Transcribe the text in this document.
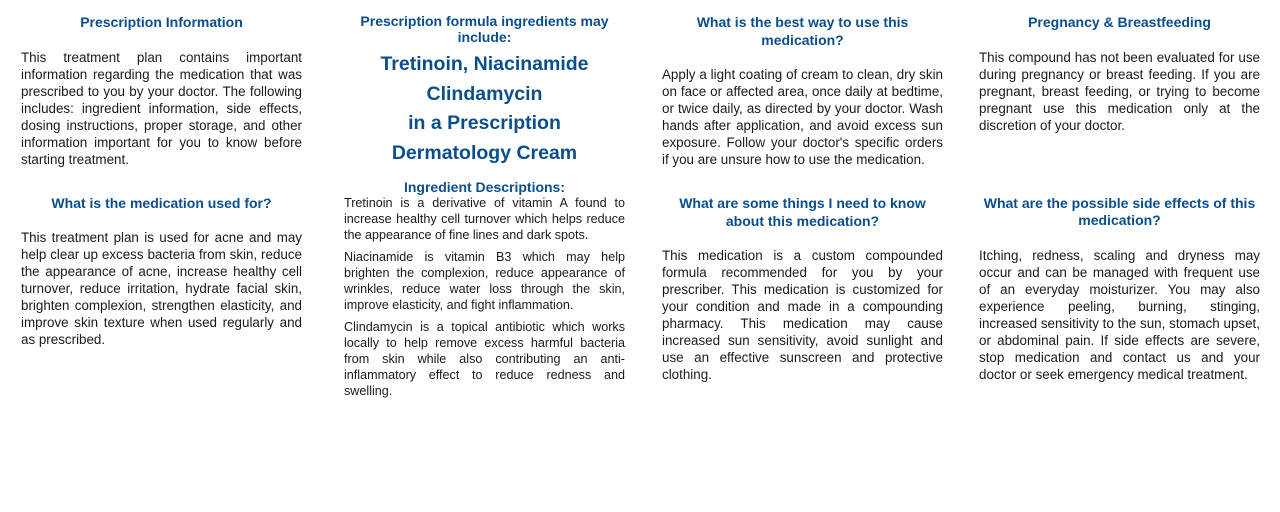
Prescription Information

This treatment plan contains important information regarding the medication that was prescribed to you by your doctor. The following includes: ingredient information, side effects, dosing instructions, proper storage, and other information important for you to know before starting treatment.

What is the medication used for?

This treatment plan is used for acne and may help clear up excess bacteria from skin, reduce the appearance of acne, increase healthy cell turnover, reduce irritation, hydrate facial skin, brighten complexion, strengthen elasticity, and improve skin texture when used regularly and as prescribed.

Prescription formula ingredients may include:
Tretinoin, Niacinamide
Clindamycin
in a Prescription
Dermatology Cream
Ingredient Descriptions:

Tretinoin is a derivative of vitamin A found to increase healthy cell turnover which helps reduce the appearance of fine lines and dark spots.

Niacinamide is vitamin B3 which may help brighten the complexion, reduce appearance of wrinkles, reduce water loss through the skin, improve elasticity, and fight inflammation.

Clindamycin is a topical antibiotic which works locally to help remove excess harmful bacteria from skin while also contributing an anti-inflammatory effect to reduce redness and swelling.

What is the best way to use this medication?

Apply a light coating of cream to clean, dry skin on face or affected area, once daily at bedtime, or twice daily, as directed by your doctor. Wash hands after application, and avoid excess sun exposure. Follow your doctor's specific orders if you are unsure how to use the medication.

What are some things I need to know about this medication?

This medication is a custom compounded formula recommended for you by your prescriber. This medication is customized for your condition and made in a compounding pharmacy. This medication may cause increased sun sensitivity, avoid sunlight and use an effective sunscreen and protective clothing.

Pregnancy & Breastfeeding

This compound has not been evaluated for use during pregnancy or breast feeding. If you are pregnant, breast feeding, or trying to become pregnant use this medication only at the discretion of your doctor.

What are the possible side effects of this medication?

Itching, redness, scaling and dryness may occur and can be managed with frequent use of an everyday moisturizer. You may also experience peeling, burning, stinging, increased sensitivity to the sun, stomach upset, or abdominal pain. If side effects are severe, stop medication and contact us and your doctor or seek emergency medical treatment.
